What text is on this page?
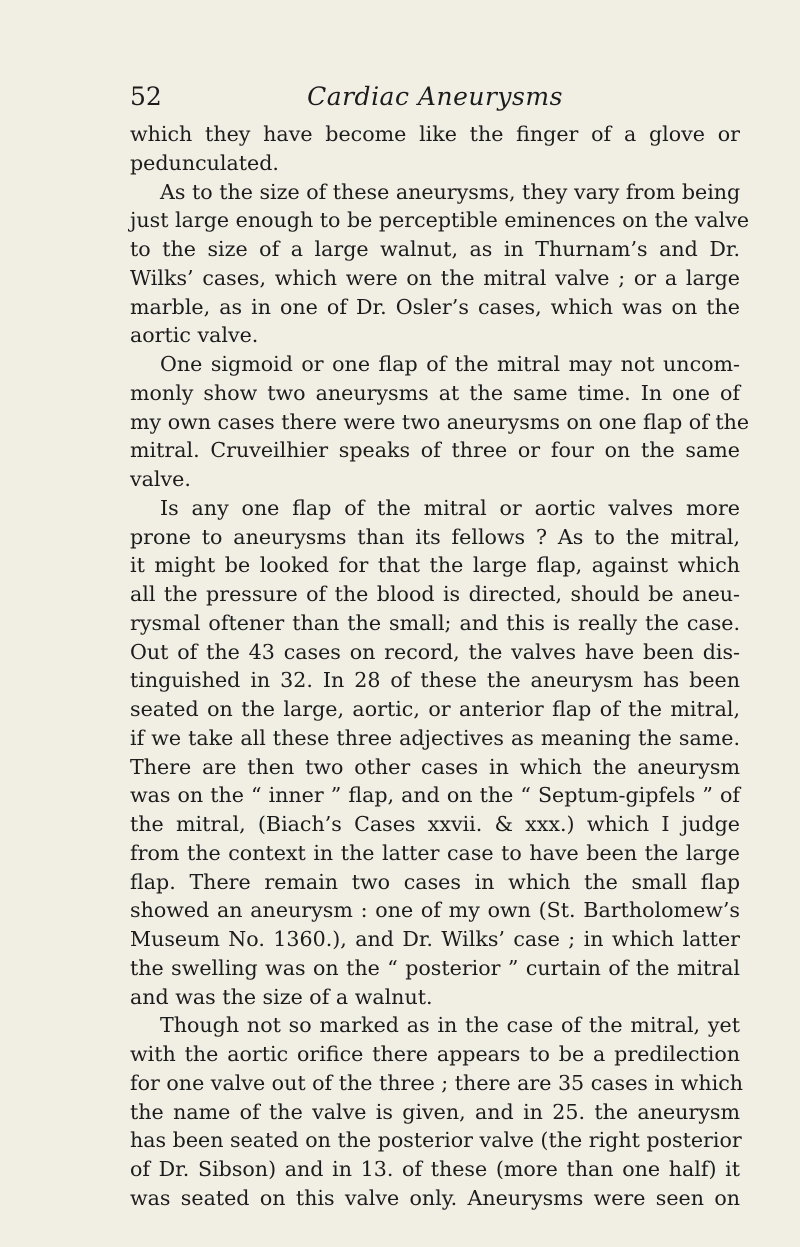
52	Cardiac Aneurysms
which they have become like the finger of a glove or
pedunculated.
As to the size of these aneurysms, they vary from being
just large enough to be perceptible eminences on the valve
to the size of a large walnut, as in Thurnam’s and Dr.
Wilks’ cases, which were on the mitral valve ; or a large
marble, as in one of Dr. Osler’s cases, which was on the
aortic valve.
One sigmoid or one flap of the mitral may not uncom-
monly show two aneurysms at the same time. In one of
my own cases there were two aneurysms on one flap of the
mitral. Cruveilhier speaks of three or four on the same
valve.
Is any one flap of the mitral or aortic valves more
prone to aneurysms than its fellows ? As to the mitral,
it might be looked for that the large flap, against which
all the pressure of the blood is directed, should be aneu-
rysmal oftener than the small; and this is really the case.
Out of the 43 cases on record, the valves have been dis-
tinguished in 32. In 28 of these the aneurysm has been
seated on the large, aortic, or anterior flap of the mitral,
if we take all these three adjectives as meaning the same.
There are then two other cases in which the aneurysm
was on the “ inner ” flap, and on the “ Septum-gipfels ” of
the mitral, (Biach’s Cases xxvii. & xxx.) which I judge
from the context in the latter case to have been the large
flap. There remain two cases in which the small flap
showed an aneurysm : one of my own (St. Bartholomew’s
Museum No. 1360.), and Dr. Wilks’ case ; in which latter
the swelling was on the “ posterior ” curtain of the mitral
and was the size of a walnut.
Though not so marked as in the case of the mitral, yet
with the aortic orifice there appears to be a predilection
for one valve out of the three ; there are 35 cases in which
the name of the valve is given, and in 25. the aneurysm
has been seated on the posterior valve (the right posterior
of Dr. Sibson) and in 13. of these (more than one half) it
was seated on this valve only. Aneurysms were seen on
